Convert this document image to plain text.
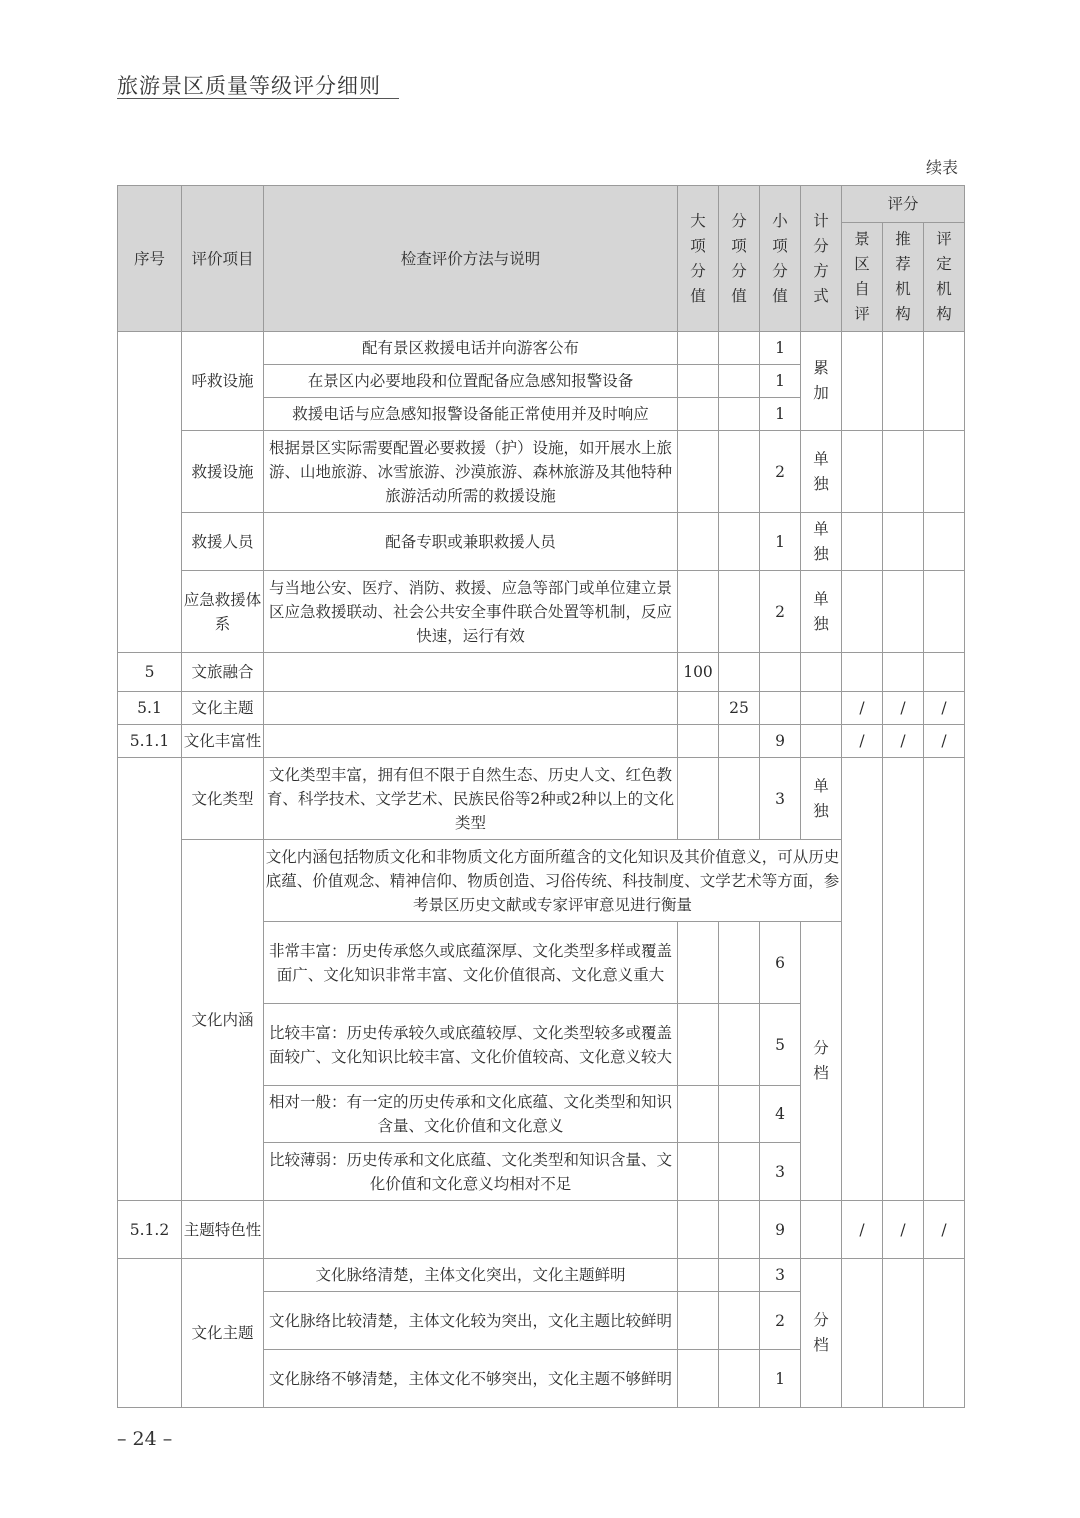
旅游景区质量等级评分细则
续表
序号	评价项目	检查评价方法与说明	大项分值	分项分值	小项分值	计分方式	评分		
							景区自评	推荐机构	评定机构
	呼救设施	配有景区救援电话并向游客公布			1	累加			
		在景区内必要地段和位置配备应急感知报警设备			1				
		救援电话与应急感知报警设备能正常使用并及时响应			1				
	救援设施	根据景区实际需要配置必要救援（护）设施，如开展水上旅游、山地旅游、冰雪旅游、沙漠旅游、森林旅游及其他特种旅游活动所需的救援设施			2	单独			
	救援人员	配备专职或兼职救援人员			1	单独			
	应急救援体系	与当地公安、医疗、消防、救援、应急等部门或单位建立景区应急救援联动、社会公共安全事件联合处置等机制，反应快速，运行有效			2	单独			
5	文旅融合		100						
5.1	文化主题			25			/	/	/
5.1.1	文化丰富性				9		/	/	/
	文化类型	文化类型丰富，拥有但不限于自然生态、历史人文、红色教育、科学技术、文学艺术、民族民俗等2种或2种以上的文化类型			3	单独			
	文化内涵	文化内涵包括物质文化和非物质文化方面所蕴含的文化知识及其价值意义，可从历史底蕴、价值观念、精神信仰、物质创造、习俗传统、科技制度、文学艺术等方面，参考景区历史文献或专家评审意见进行衡量							
		非常丰富：历史传承悠久或底蕴深厚、文化类型多样或覆盖面广、文化知识非常丰富、文化价值很高、文化意义重大			6	分档			
		比较丰富：历史传承较久或底蕴较厚、文化类型较多或覆盖面较广、文化知识比较丰富、文化价值较高、文化意义较大			5				
		相对一般：有一定的历史传承和文化底蕴、文化类型和知识含量、文化价值和文化意义			4				
		比较薄弱：历史传承和文化底蕴、文化类型和知识含量、文化价值和文化意义均相对不足			3				
5.1.2	主题特色性				9		/	/	/
	文化主题	文化脉络清楚，主体文化突出，文化主题鲜明			3	分档			
		文化脉络比较清楚，主体文化较为突出，文化主题比较鲜明			2				
		文化脉络不够清楚，主体文化不够突出，文化主题不够鲜明			1				
– 24 –
